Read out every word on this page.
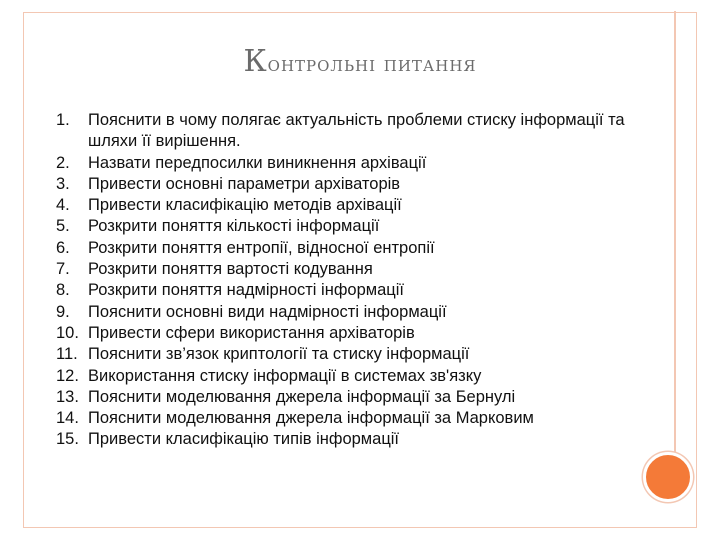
Контрольні питання
1.	Пояснити в чому полягає актуальність проблеми стиску інформації та шляхи її вирішення.
2.	Назвати передпосилки виникнення архівації
3.	Привести основні параметри архіваторів
4.	Привести класифікацію методів архівації
5.	Розкрити поняття кількості інформації
6.	Розкрити поняття ентропії, відносної ентропії
7.	Розкрити поняття вартості кодування
8.	Розкрити поняття надмірності інформації
9.	Пояснити основні види надмірності інформації
10. Привести сфери використання архіваторів
11. Пояснити зв’язок криптології та стиску інформації
12. Використання стиску інформації в системах зв'язку
13. Пояснити моделювання джерела інформації за Бернулі
14. Пояснити моделювання джерела інформації за Марковим
15. Привести класифікацію типів інформації
